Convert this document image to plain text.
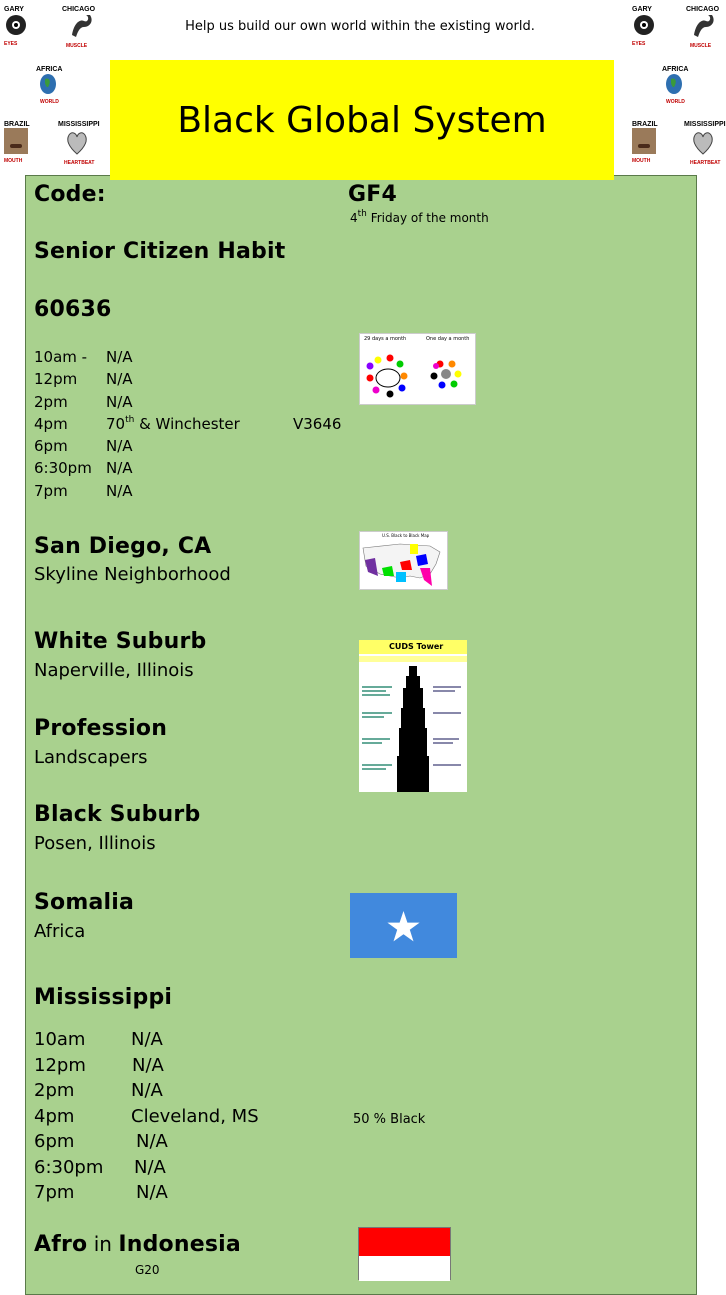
Help us build our own world within the existing world.
GARY
EYES
CHICAGO
MUSCLE
AFRICA
WORLD
BRAZIL
MOUTH
MISSISSIPPI
HEARTBEAT
GARY
EYES
CHICAGO
MUSCLE
AFRICA
WORLD
BRAZIL
MOUTH
MISSISSIPPI
HEARTBEAT
Black Global System
Code:	GF4
4th Friday of the month
Senior Citizen Habit
60636
10am - N/A
12pm N/A
2pm	N/A
4pm	70th & Winchester	V3646
6pm	N/A
6:30pm N/A
7pm	N/A
29 days a month	One day a month
San Diego, CA
Skyline Neighborhood
U.S. Black to Black Map
White Suburb
Naperville, Illinois
CUDS Tower
Profession
Landscapers
Black Suburb
Posen, Illinois
Somalia
Africa
Mississippi
10am	N/A
12pm	N/A
2pm	N/A
4pm	Cleveland, MS
6pm	N/A
6:30pm N/A
7pm	N/A
50 % Black
Afro in Indonesia
G20
